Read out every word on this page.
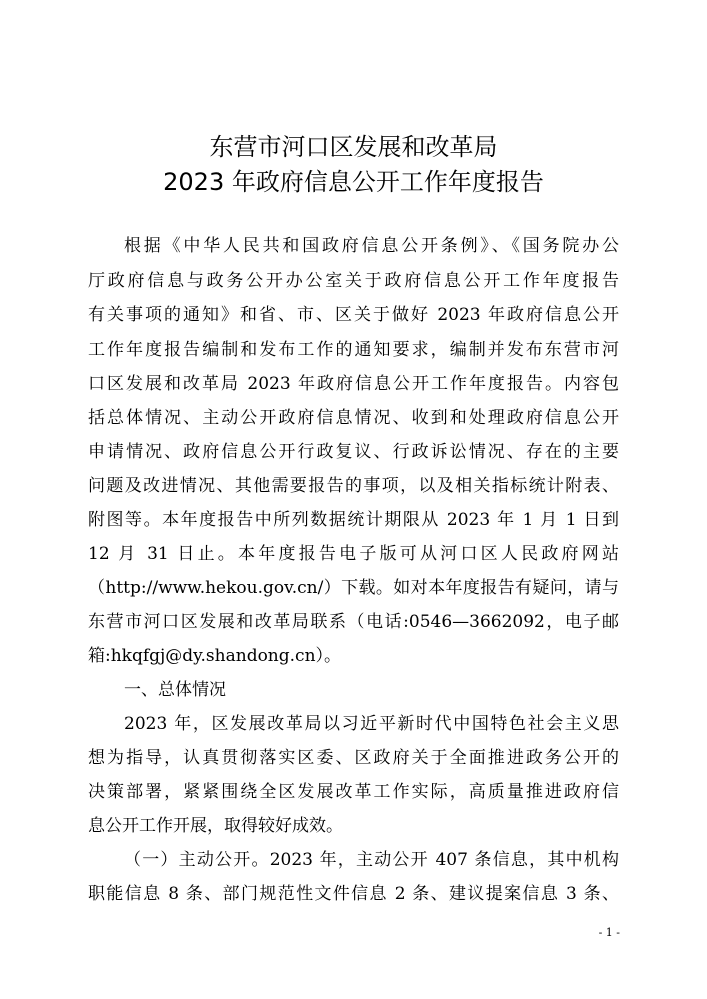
东营市河口区发展和改革局
2023 年政府信息公开工作年度报告
根据《中华人民共和国政府信息公开条例》、《国务院办公
厅政府信息与政务公开办公室关于政府信息公开工作年度报告
有关事项的通知》和省、市、区关于做好 2023 年政府信息公开
工作年度报告编制和发布工作的通知要求，编制并发布东营市河
口区发展和改革局 2023 年政府信息公开工作年度报告。内容包
括总体情况、主动公开政府信息情况、收到和处理政府信息公开
申请情况、政府信息公开行政复议、行政诉讼情况、存在的主要
问题及改进情况、其他需要报告的事项，以及相关指标统计附表、
附图等。本年度报告中所列数据统计期限从 2023 年 1 月 1 日到
12 月 31 日止。本年度报告电子版可从河口区人民政府网站
（http://www.hekou.gov.cn/）下载。如对本年度报告有疑问，请与
东营市河口区发展和改革局联系（电话:0546—3662092，电子邮
箱:hkqfgj@dy.shandong.cn）。
一、总体情况
2023 年，区发展改革局以习近平新时代中国特色社会主义思
想为指导，认真贯彻落实区委、区政府关于全面推进政务公开的
决策部署，紧紧围绕全区发展改革工作实际，高质量推进政府信
息公开工作开展，取得较好成效。
（一）主动公开。2023 年，主动公开 407 条信息，其中机构
职能信息 8 条、部门规范性文件信息 2 条、建议提案信息 3 条、
- 1 -
